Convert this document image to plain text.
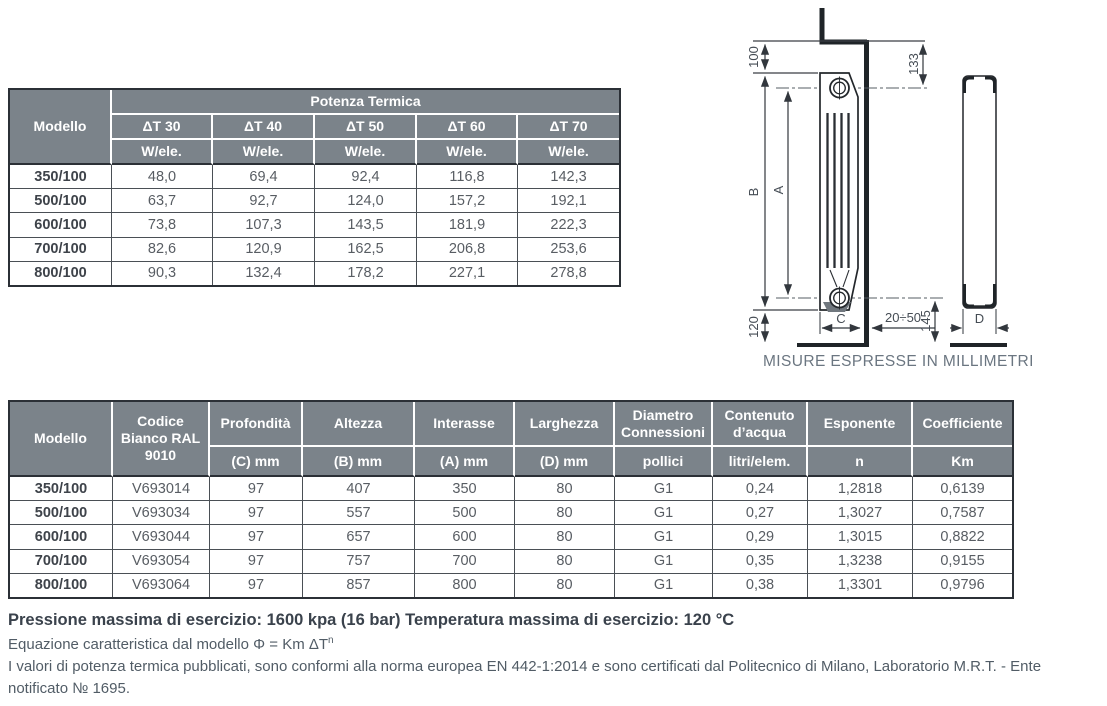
Modello	Potenza Termica				
	ΔT 30	ΔT 40	ΔT 50	ΔT 60	ΔT 70
	W/ele.	W/ele.	W/ele.	W/ele.	W/ele.
350/100	48,0	69,4	92,4	116,8	142,3
500/100	63,7	92,7	124,0	157,2	192,1
600/100	73,8	107,3	143,5	181,9	222,3
700/100	82,6	120,9	162,5	206,8	253,6
800/100	90,3	132,4	178,2	227,1	278,8
100	133
B A
120	145
C	20÷50	D
MISURE ESPRESSE IN MILLIMETRI
Modello	Codice Bianco RAL 9010	Profondità	Altezza	Interasse	Larghezza	Diametro Connessioni	Contenuto d’acqua	Esponente	Coefficiente
		(C) mm	(B) mm	(A) mm	(D) mm	pollici	litri/elem.	n	Km
350/100	V693014	97	407	350	80	G1	0,24	1,2818	0,6139
500/100	V693034	97	557	500	80	G1	0,27	1,3027	0,7587
600/100	V693044	97	657	600	80	G1	0,29	1,3015	0,8822
700/100	V693054	97	757	700	80	G1	0,35	1,3238	0,9155
800/100	V693064	97	857	800	80	G1	0,38	1,3301	0,9796
Pressione massima di esercizio: 1600 kpa (16 bar) Temperatura massima di esercizio: 120 °C
Equazione caratteristica dal modello Φ = Km $\Delta T^n$
I valori di potenza termica pubblicati, sono conformi alla norma europea EN 442-1:2014 e sono certificati dal Politecnico di Milano, Laboratorio M.R.T. - Ente notificato № 1695.
